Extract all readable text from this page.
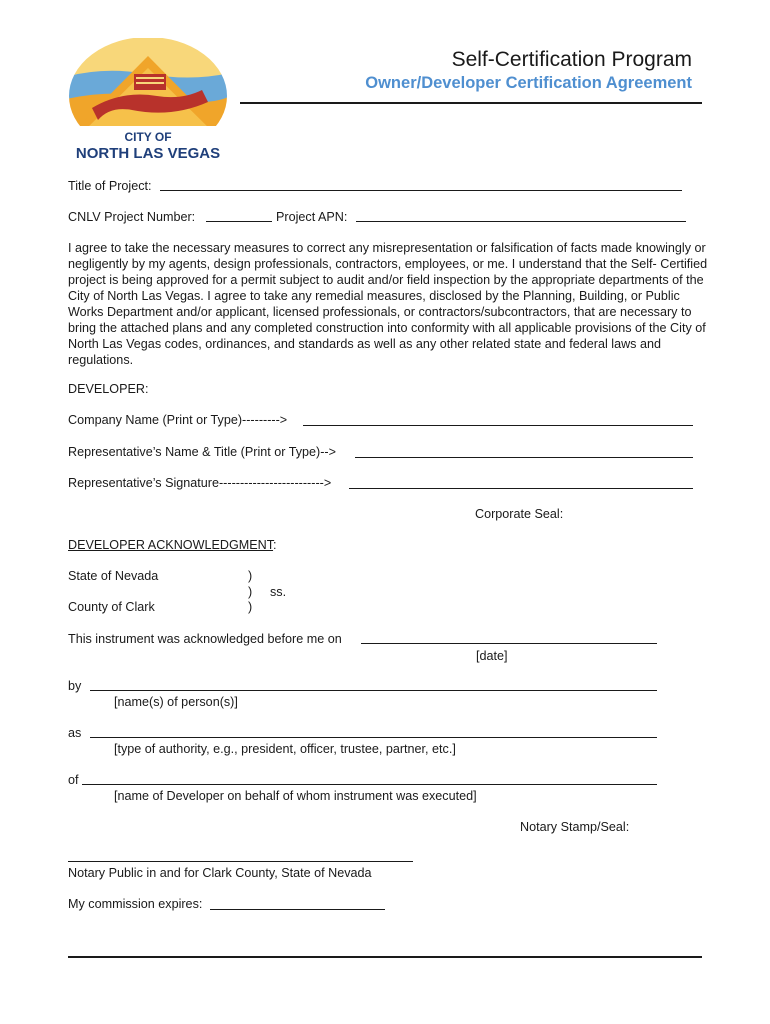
CITY OF
NORTH LAS VEGAS
Self-Certification Program
Owner/Developer Certification Agreement
Title of Project:
CNLV Project Number:	Project APN:
I agree to take the necessary measures to correct any misrepresentation or falsification of facts made knowingly or negligently by my agents, design professionals, contractors, employees, or me. I understand that the Self- Certified project is being approved for a permit subject to audit and/or field inspection by the appropriate departments of the City of North Las Vegas. I agree to take any remedial measures, disclosed by the Planning, Building, or Public Works Department and/or applicant, licensed professionals, or contractors/subcontractors, that are necessary to bring the attached plans and any completed construction into conformity with all applicable provisions of the City of North Las Vegas codes, ordinances, and standards as well as any other related state and federal laws and regulations.
DEVELOPER:
Company Name (Print or Type)--------->
Representative’s Name & Title (Print or Type)-->
Representative’s Signature------------------------->
Corporate Seal:
DEVELOPER ACKNOWLEDGMENT:
State of Nevada	)
) ss.
County of Clark	)
This instrument was acknowledged before me on
[date]
by
[name(s) of person(s)]
as
[type of authority, e.g., president, officer, trustee, partner, etc.]
of
[name of Developer on behalf of whom instrument was executed]
Notary Stamp/Seal:
Notary Public in and for Clark County, State of Nevada
My commission expires:
